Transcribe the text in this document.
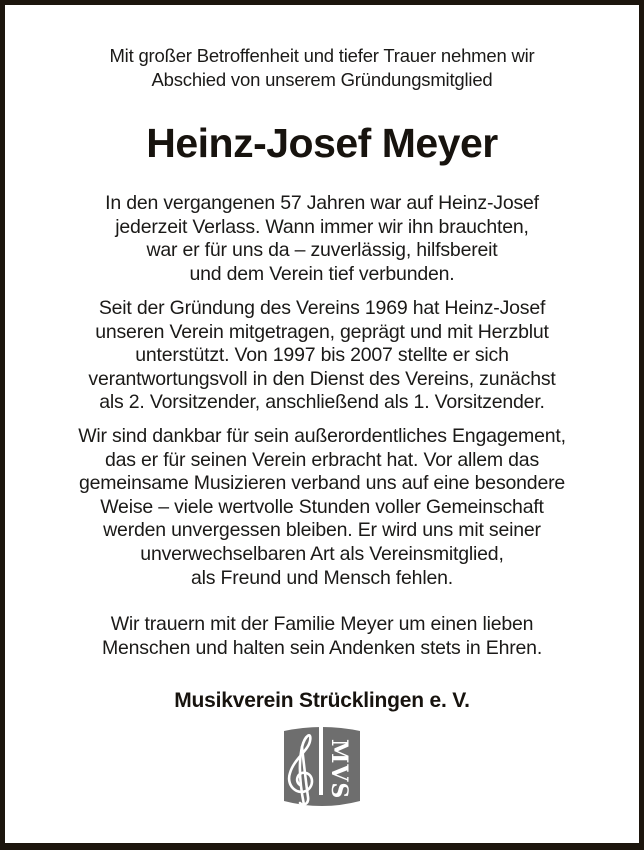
Mit großer Betroffenheit und tiefer Trauer nehmen wir
Abschied von unserem Gründungsmitglied
Heinz-Josef Meyer
In den vergangenen 57 Jahren war auf Heinz-Josef
jederzeit Verlass. Wann immer wir ihn brauchten,
war er für uns da – zuverlässig, hilfsbereit
und dem Verein tief verbunden.
Seit der Gründung des Vereins 1969 hat Heinz-Josef
unseren Verein mitgetragen, geprägt und mit Herzblut
unterstützt. Von 1997 bis 2007 stellte er sich
verantwortungsvoll in den Dienst des Vereins, zunächst
als 2. Vorsitzender, anschließend als 1. Vorsitzender.
Wir sind dankbar für sein außerordentliches Engagement,
das er für seinen Verein erbracht hat. Vor allem das
gemeinsame Musizieren verband uns auf eine besondere
Weise – viele wertvolle Stunden voller Gemeinschaft
werden unvergessen bleiben. Er wird uns mit seiner
unverwechselbaren Art als Vereinsmitglied,
als Freund und Mensch fehlen.
Wir trauern mit der Familie Meyer um einen lieben
Menschen und halten sein Andenken stets in Ehren.
Musikverein Strücklingen e. V.
MVS
